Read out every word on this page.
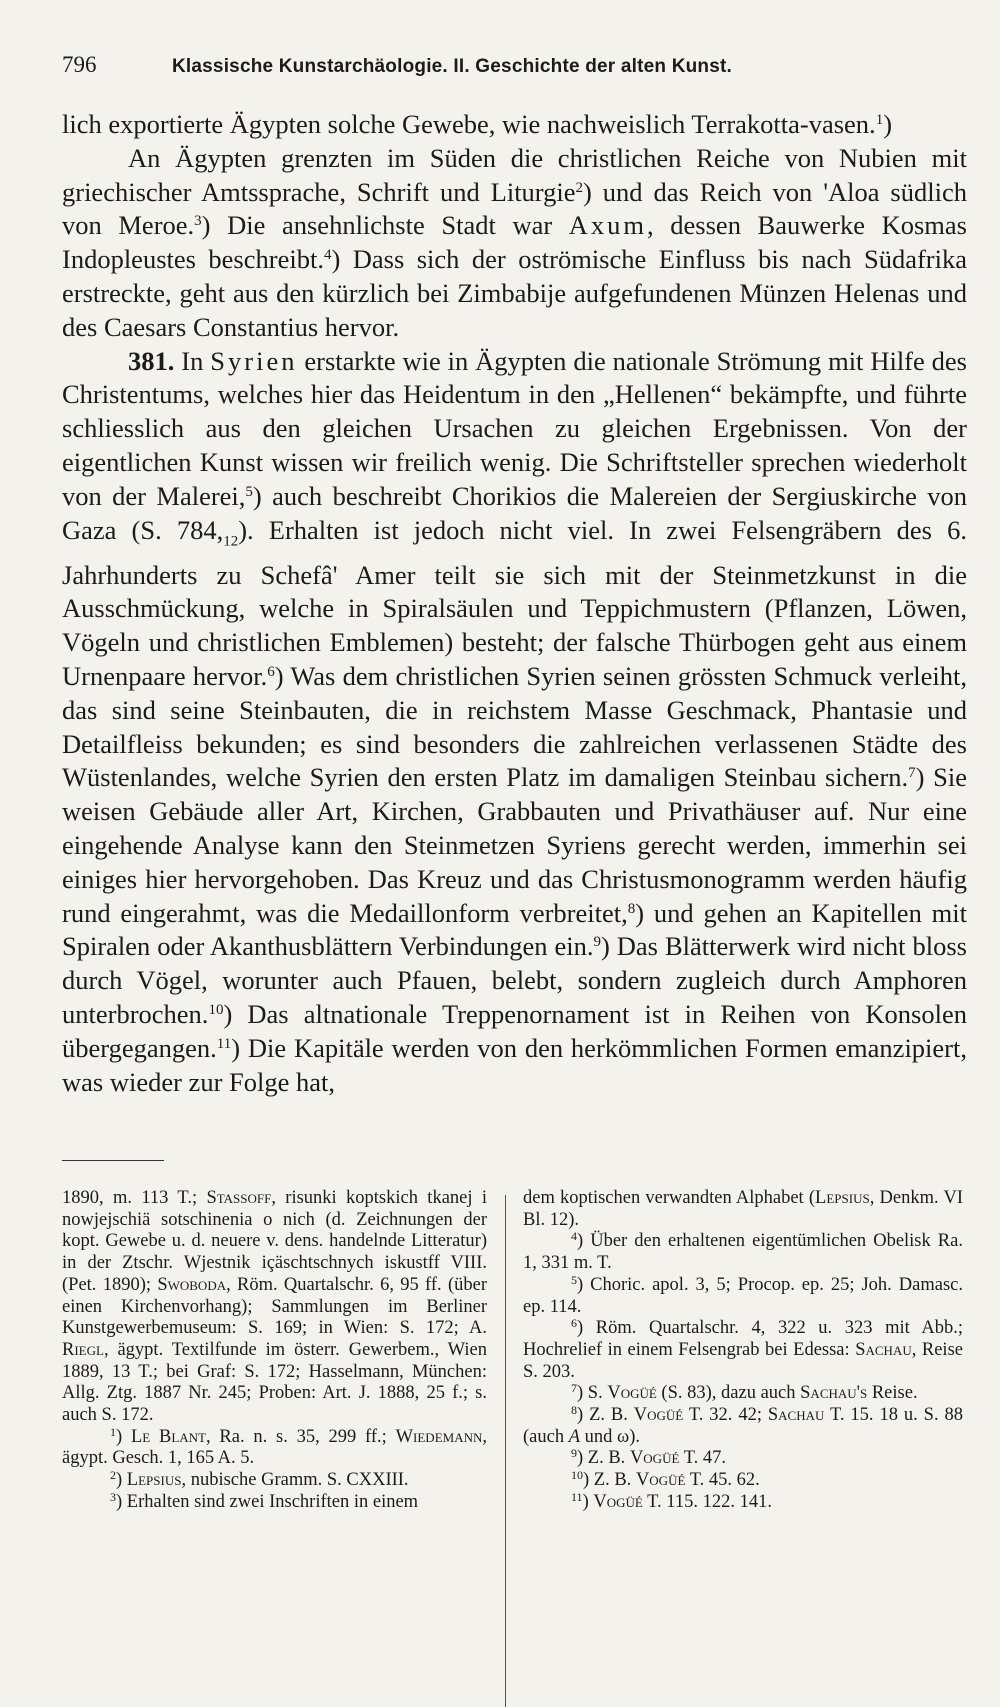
796	Klassische Kunstarchäologie. II. Geschichte der alten Kunst.

lich exportierte Ägypten solche Gewebe, wie nachweislich Terrakotta-vasen.$^1$)

An Ägypten grenzten im Süden die christlichen Reiche von Nubien mit griechischer Amtssprache, Schrift und Liturgie$^2$) und das Reich von 'Aloa südlich von Meroe.$^3$) Die ansehnlichste Stadt war Axum, dessen Bauwerke Kosmas Indopleustes beschreibt.$^4$) Dass sich der oströmische Einfluss bis nach Südafrika erstreckte, geht aus den kürzlich bei Zimbabije aufgefundenen Münzen Helenas und des Caesars Constantius hervor.

381. In Syrien erstarkte wie in Ägypten die nationale Strömung mit Hilfe des Christentums, welches hier das Heidentum in den „Hellenen“ bekämpfte, und führte schliesslich aus den gleichen Ursachen zu gleichen Ergebnissen. Von der eigentlichen Kunst wissen wir freilich wenig. Die Schriftsteller sprechen wiederholt von der Malerei,$^5$) auch beschreibt Chorikios die Malereien der Sergiuskirche von Gaza (S. $784,_{12}$). Erhalten ist jedoch nicht viel. In zwei Felsengräbern des 6. Jahrhunderts zu Schefâ' Amer teilt sie sich mit der Steinmetzkunst in die Ausschmückung, welche in Spiralsäulen und Teppichmustern (Pflanzen, Löwen, Vögeln und christlichen Emblemen) besteht; der falsche Thürbogen geht aus einem Urnenpaare hervor.$^6$) Was dem christlichen Syrien seinen grössten Schmuck verleiht, das sind seine Steinbauten, die in reichstem Masse Geschmack, Phantasie und Detailfleiss bekunden; es sind besonders die zahlreichen verlassenen Städte des Wüstenlandes, welche Syrien den ersten Platz im damaligen Steinbau sichern.$^7$) Sie weisen Gebäude aller Art, Kirchen, Grabbauten und Privathäuser auf. Nur eine eingehende Analyse kann den Steinmetzen Syriens gerecht werden, immerhin sei einiges hier hervorgehoben. Das Kreuz und das Christusmonogramm werden häufig rund eingerahmt, was die Medaillonform verbreitet,$^8$) und gehen an Kapitellen mit Spiralen oder Akanthusblättern Verbindungen ein.$^9$) Das Blätterwerk wird nicht bloss durch Vögel, worunter auch Pfauen, belebt, sondern zugleich durch Amphoren unterbrochen.$^{10}$) Das altnationale Treppenornament ist in Reihen von Konsolen übergegangen.$^{11}$) Die Kapitäle werden von den herkömmlichen Formen emanzipiert, was wieder zur Folge hat,

1890, m. 113 T.; Stassoff, risunki koptskich tkanej i nowjejschiä sotschinenia o nich (d. Zeichnungen der kopt. Gewebe u. d. neuere v. dens. handelnde Litteratur) in der Ztschr. Wjestnik içäschtschnych iskustff VIII. (Pet. 1890); Swoboda, Röm. Quartalschr. 6, 95 ff. (über einen Kirchenvorhang); Sammlungen im Berliner Kunstgewerbemuseum: S. 169; in Wien: S. 172; A. Riegl, ägypt. Textilfunde im österr. Gewerbem., Wien 1889, 13 T.; bei Graf: S. 172; Hasselmann, München: Allg. Ztg. 1887 Nr. 245; Proben: Art. J. 1888, 25 f.; s. auch S. 172.

$^1$) Le Blant, Ra. n. s. 35, 299 ff.; Wiedemann, ägypt. Gesch. 1, 165 A. 5.

$^2$) Lepsius, nubische Gramm. S. CXXIII.

$^3$) Erhalten sind zwei Inschriften in einem

dem koptischen verwandten Alphabet (Lepsius, Denkm. VI Bl. 12).

$^4$) Über den erhaltenen eigentümlichen Obelisk Ra. 1, 331 m. T.

$^5$) Choric. apol. 3, 5; Procop. ep. 25; Joh. Damasc. ep. 114.

$^6$) Röm. Quartalschr. 4, 322 u. 323 mit Abb.; Hochrelief in einem Felsengrab bei Edessa: Sachau, Reise S. 203.

$^7$) S. Vogüé (S. 83), dazu auch Sachau's Reise.

$^8$) Z. B. Vogüé T. 32. 42; Sachau T. 15. 18 u. S. 88 (auch A und ω).

$^9$) Z. B. Vogüé T. 47.

$^{10}$) Z. B. Vogüé T. 45. 62.

$^{11}$) Vogüé T. 115. 122. 141.
